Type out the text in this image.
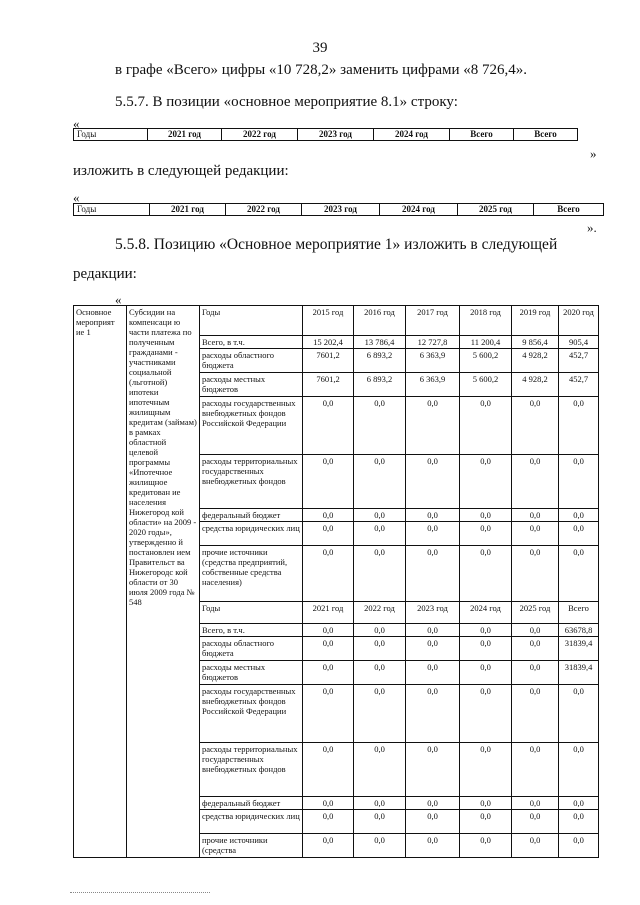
39
в графе «Всего» цифры «10 728,2» заменить цифрами «8 726,4».
5.5.7. В позиции «основное мероприятие 8.1» строку:
«
Годы	2021 год	2022 год	2023 год	2024 год	Всего	Всего
»
изложить в следующей редакции:
«
Годы	2021 год	2022 год	2023 год	2024 год	2025 год	Всего
».
5.5.8. Позицию «Основное мероприятие 1» изложить в следующей
редакции:
«
Основное мероприят ие 1	Субсидии на компенсаци ю части платежа по полученным гражданами - участниками социальной (льготной) ипотеки ипотечным жилищным кредитам (займам) в рамках областной целевой программы «Ипотечное жилищное кредитован ие населения Нижегород кой области» на 2009 - 2020 годы», утвержденно й постановлен ием Правительст ва Нижегородс кой области от 30 июля 2009 года № 548	Годы	2015 год	2016 год	2017 год	2018 год	2019 год	2020 год
		Всего, в т.ч.	15 202,4	13 786,4	12 727,8	11 200,4	9 856,4	905,4
		расходы областного бюджета	7601,2	6 893,2	6 363,9	5 600,2	4 928,2	452,7
		расходы местных бюджетов	7601,2	6 893,2	6 363,9	5 600,2	4 928,2	452,7
		расходы государственных внебюджетных фондов Российской Федерации	0,0	0,0	0,0	0,0	0,0	0,0
		расходы территориальных государственных внебюджетных фондов	0,0	0,0	0,0	0,0	0,0	0,0
		федеральный бюджет	0,0	0,0	0,0	0,0	0,0	0,0
		средства юридических лиц	0,0	0,0	0,0	0,0	0,0	0,0
		прочие источники (средства предприятий, собственные средства населения)	0,0	0,0	0,0	0,0	0,0	0,0
		Годы	2021 год	2022 год	2023 год	2024 год	2025 год	Всего
		Всего, в т.ч.	0,0	0,0	0,0	0,0	0,0	63678,8
		расходы областного бюджета	0,0	0,0	0,0	0,0	0,0	31839,4
		расходы местных бюджетов	0,0	0,0	0,0	0,0	0,0	31839,4
		расходы государственных внебюджетных фондов Российской Федерации	0,0	0,0	0,0	0,0	0,0	0,0
		расходы территориальных государственных внебюджетных фондов	0,0	0,0	0,0	0,0	0,0	0,0
		федеральный бюджет	0,0	0,0	0,0	0,0	0,0	0,0
		средства юридических лиц	0,0	0,0	0,0	0,0	0,0	0,0
		прочие источники (средства	0,0	0,0	0,0	0,0	0,0	0,0
